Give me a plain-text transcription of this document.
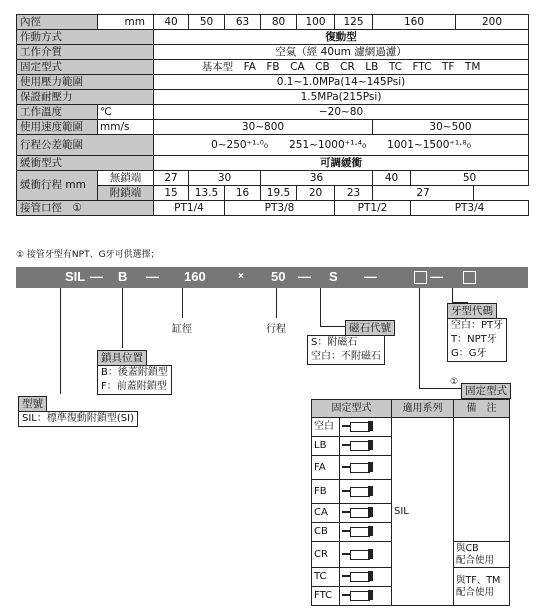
內徑	mm	40	50	63	80	100	125	160		200
作動方式		復動型								
工作介質		空氣（經 40um 濾網過濾）								
固定型式		基本型　FA　FB　CA　CB　CR　LB　TC　FTC　TF　TM								
使用壓力範圍		0.1~1.0MPa(14~145Psi)								
保證耐壓力		1.5MPa(215Psi)								
工作溫度	℃	−20~80								
使用速度範圍	mm/s	30~800						30~500		
行程公差範圍		0~250⁺¹·⁰₀　　251~1000⁺¹·⁴₀　　1001~1500⁺¹·⁸₀								
緩衝型式		可調緩衝								
緩衝行程 mm	無鎖端	27	30		36			40	50	
	附鎖端	15	13.5	16	19.5	20	23	27		
接管口徑　①		PT1/4		PT3/8			PT1/2		PT3/4	
① 接管牙型有NPT、G牙可供選擇；
SIL — B — 160	× 50 — S —	—
缸徑	行程	磁石代號
S：附磁石
空白：不附磁石
鎖具位置
B：後蓋附鎖型
F：前蓋附鎖型
型號
SIL：標準復動附鎖型(SI)
牙型代碼
空白：PT牙
T：NPT牙
G：G牙
①
固定型式
固定型式		適用系列	備　注
空白		SIL	
LB			

FA			

FB			

CA			

CB			

CR			與CB
配合使用
TC			與TF、TM
配合使用
FTC			
